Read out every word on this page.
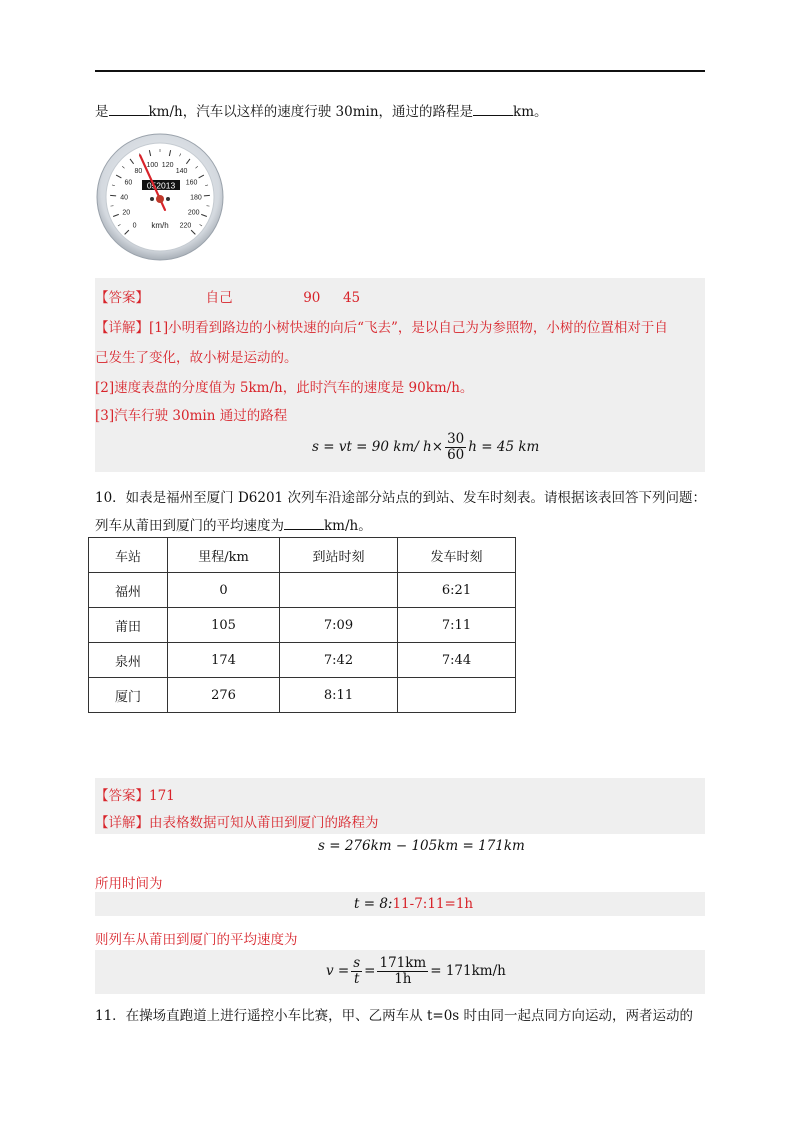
是	km/h，汽车以这样的速度行驶 30min，通过的路程是	km。
0
20
40
60
80
100 120
140
160
180
200
220
052013
km/h
【答案】	自己	90 45
【详解】[1]小明看到路边的小树快速的向后“飞去”，是以自己为为参照物，小树的位置相对于自
己发生了变化，故小树是运动的。
[2]速度表盘的分度值为 5km/h，此时汽车的速度是 90km/h。
[3]汽车行驶 30min 通过的路程
s = vt = 90 km/ $h\times \frac{30}{60}$ h = 45 km
10．如表是福州至厦门 D6201 次列车沿途部分站点的到站、发车时刻表。请根据该表回答下列问题：
列车从莆田到厦门的平均速度为	km/h。
车站	里程/km	到站时刻	发车时刻
福州	0		6:21
莆田	105	7:09	7:11
泉州	174	7:42	7:44
厦门	276	8:11	
【答案】171
【详解】由表格数据可知从莆田到厦门的路程为
s = 276km − 105km = 171km
所用时间为
t = 8:11-7:11=1h
则列车从莆田到厦门的平均速度为
$v = \frac{s}{t} = \frac{171km}{1h} = 171km/h$
11．在操场直跑道上进行遥控小车比赛，甲、乙两车从 t=0s 时由同一起点同方向运动，两者运动的
